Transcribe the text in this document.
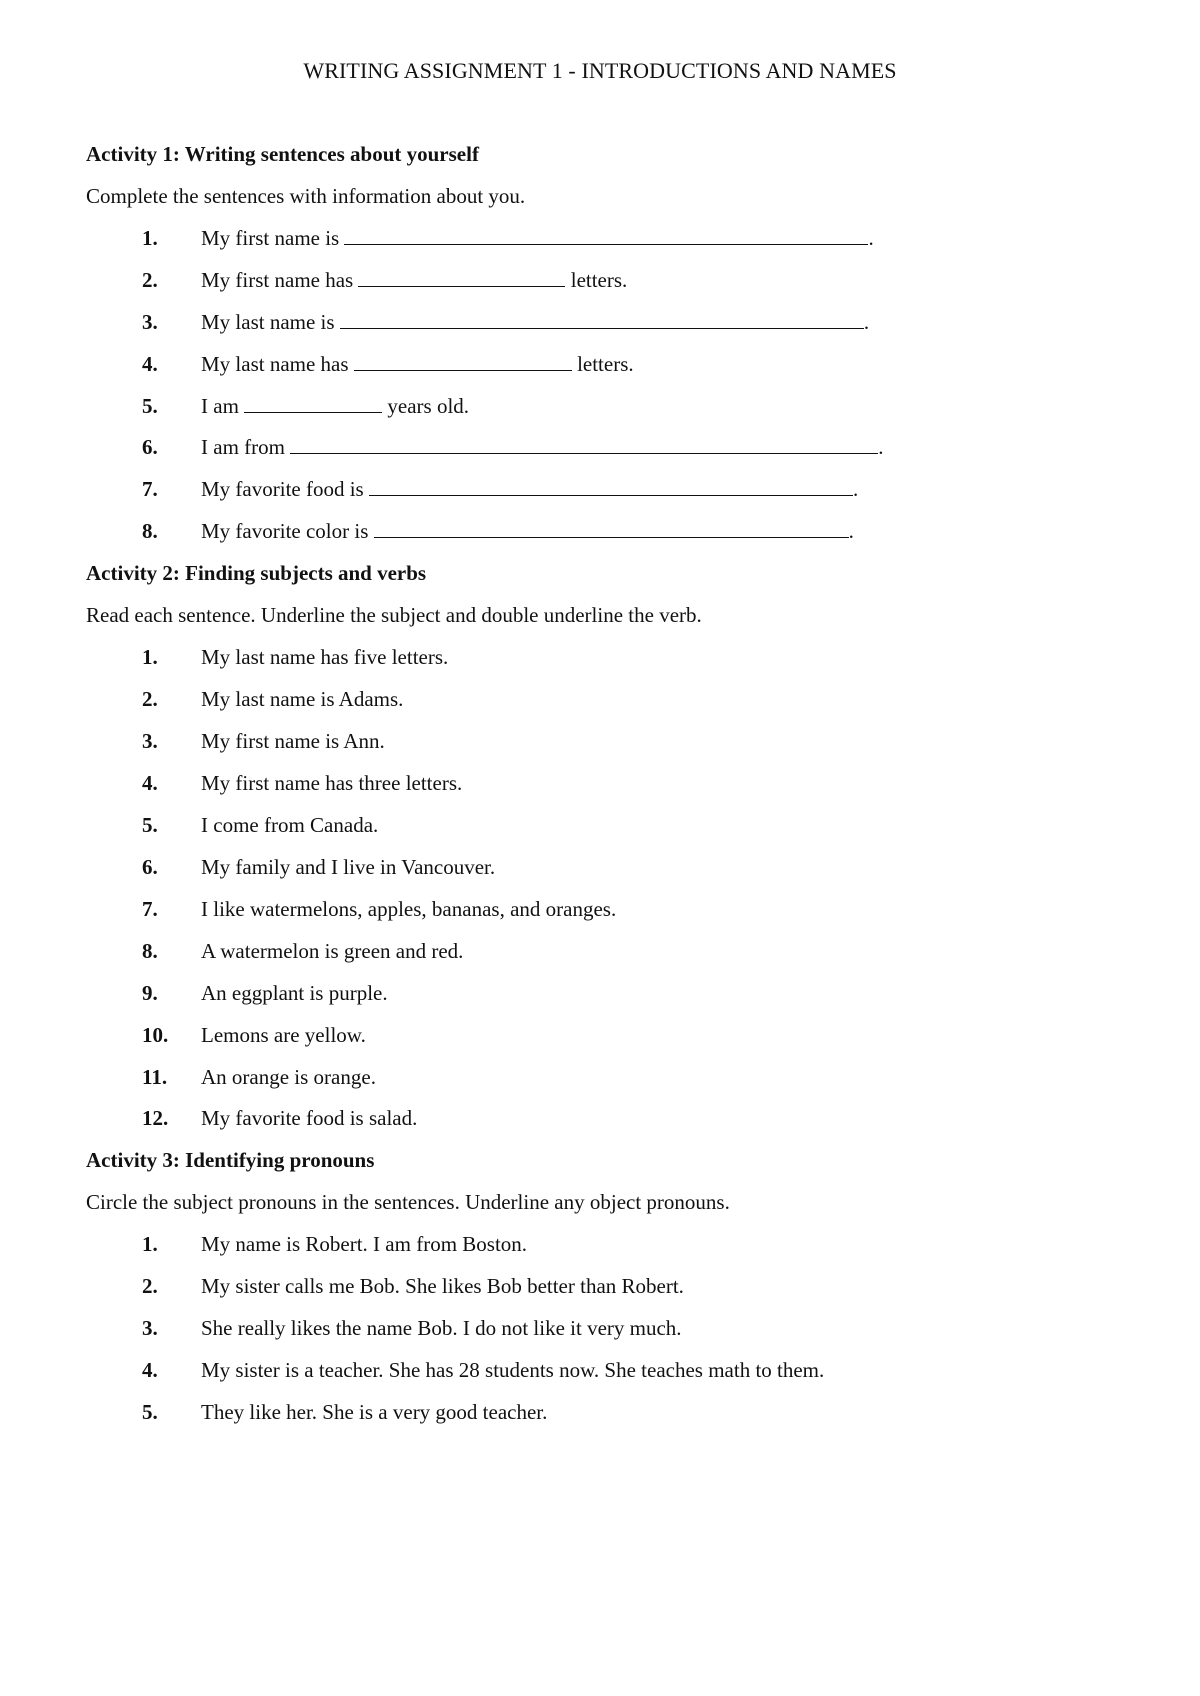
WRITING ASSIGNMENT 1 - INTRODUCTIONS AND NAMES
Activity 1: Writing sentences about yourself
Complete the sentences with information about you.
1. My first name is	.
2. My first name has	letters.
3. My last name is	.
4. My last name has	letters.
5. I am	years old.
6. I am from	.
7. My favorite food is	.
8. My favorite color is	.
Activity 2: Finding subjects and verbs
Read each sentence. Underline the subject and double underline the verb.
1. My last name has five letters.
2. My last name is Adams.
3. My first name is Ann.
4. My first name has three letters.
5. I come from Canada.
6. My family and I live in Vancouver.
7. I like watermelons, apples, bananas, and oranges.
8. A watermelon is green and red.
9. An eggplant is purple.
10. Lemons are yellow.
11. An orange is orange.
12. My favorite food is salad.
Activity 3: Identifying pronouns
Circle the subject pronouns in the sentences. Underline any object pronouns.
1. My name is Robert. I am from Boston.
2. My sister calls me Bob. She likes Bob better than Robert.
3. She really likes the name Bob. I do not like it very much.
4. My sister is a teacher. She has 28 students now. She teaches math to them.
5. They like her. She is a very good teacher.
